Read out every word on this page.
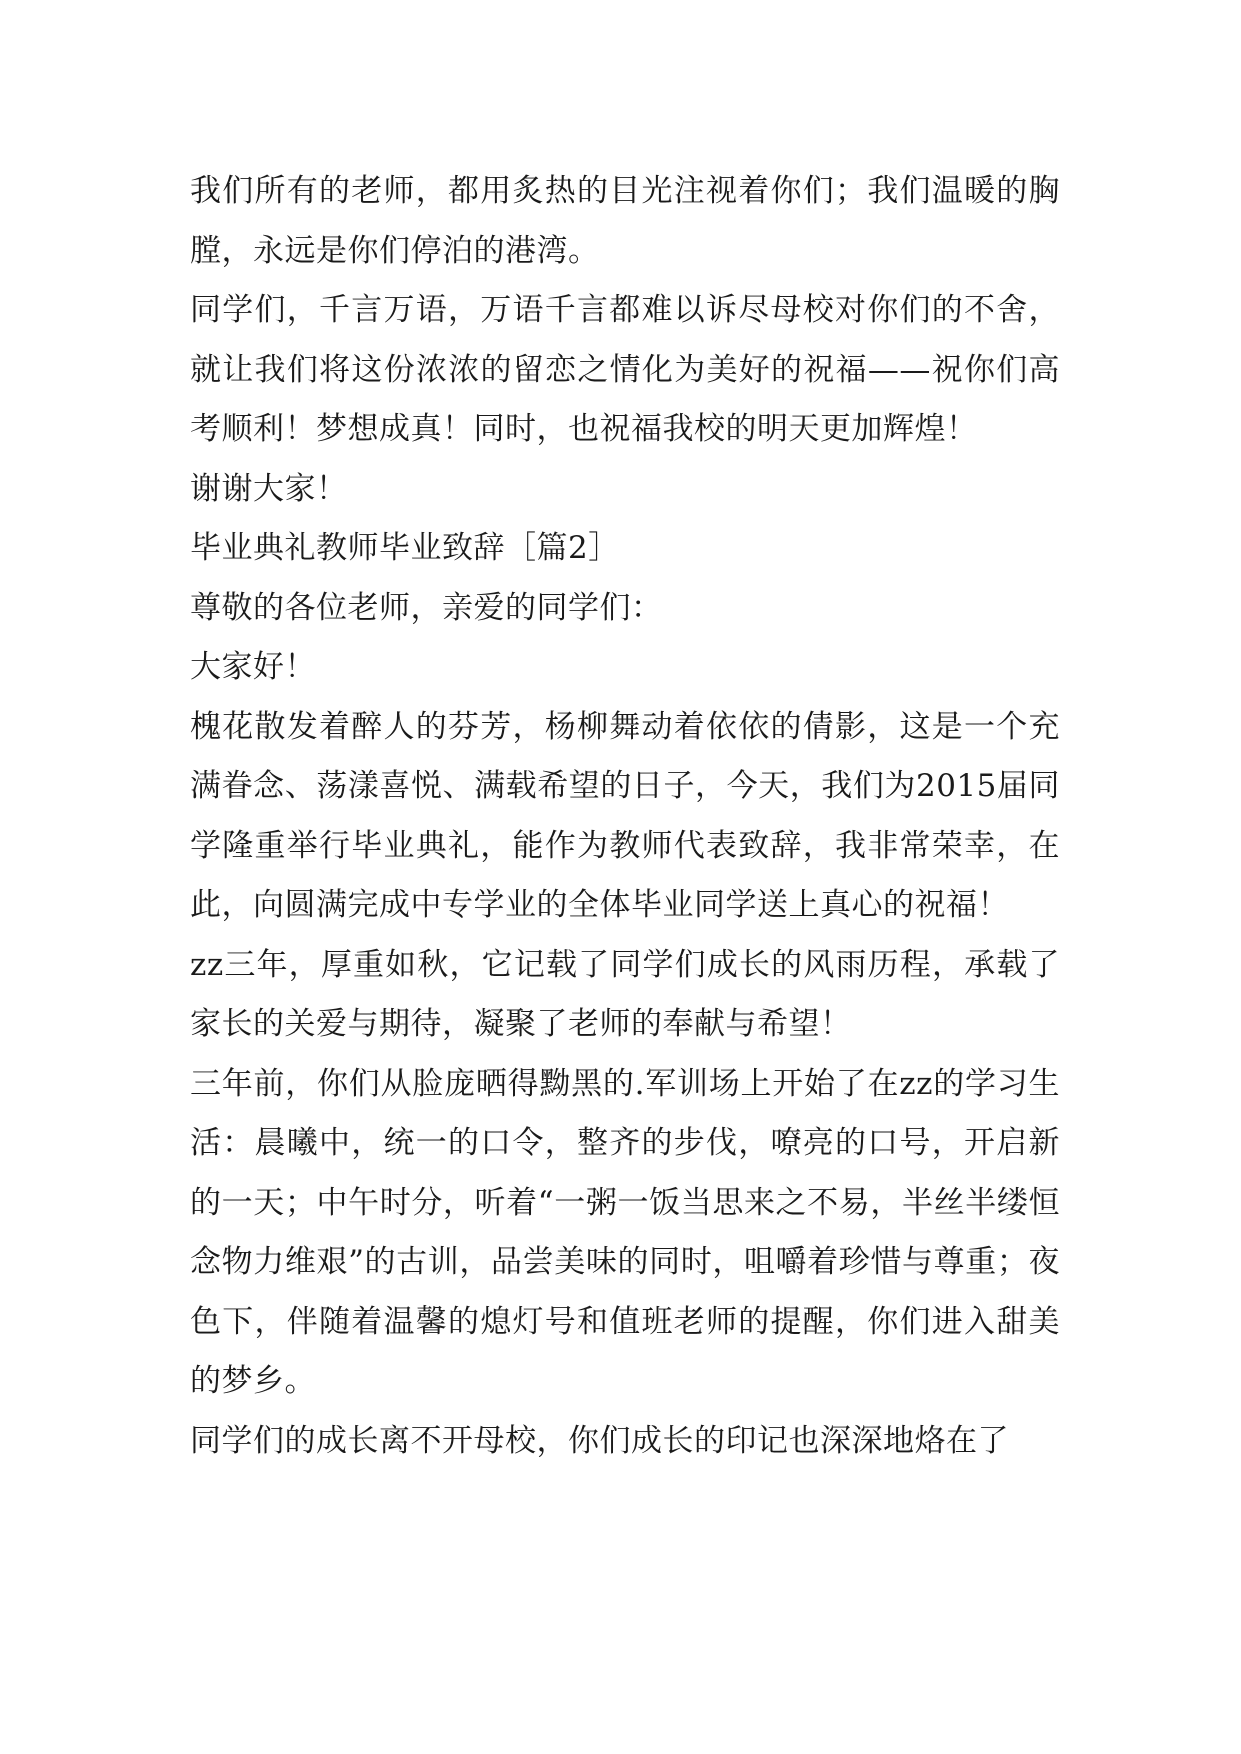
我们所有的老师，都用炙热的目光注视着你们；我们温暖的胸膛，永远是你们停泊的港湾。

同学们，千言万语，万语千言都难以诉尽母校对你们的不舍，就让我们将这份浓浓的留恋之情化为美好的祝福——祝你们高考顺利！梦想成真！同时，也祝福我校的明天更加辉煌！

谢谢大家！

毕业典礼教师毕业致辞［篇2］

尊敬的各位老师，亲爱的同学们：

大家好！

槐花散发着醉人的芬芳，杨柳舞动着依依的倩影，这是一个充满眷念、荡漾喜悦、满载希望的日子，今天，我们为2015届同学隆重举行毕业典礼，能作为教师代表致辞，我非常荣幸，在此，向圆满完成中专学业的全体毕业同学送上真心的祝福！

zz三年，厚重如秋，它记载了同学们成长的风雨历程，承载了家长的关爱与期待，凝聚了老师的奉献与希望！

三年前，你们从脸庞晒得黝黑的.军训场上开始了在zz的学习生活：晨曦中，统一的口令，整齐的步伐，嘹亮的口号，开启新的一天；中午时分，听着“一粥一饭当思来之不易，半丝半缕恒念物力维艰”的古训，品尝美味的同时，咀嚼着珍惜与尊重；夜色下，伴随着温馨的熄灯号和值班老师的提醒，你们进入甜美的梦乡。

同学们的成长离不开母校，你们成长的印记也深深地烙在了
